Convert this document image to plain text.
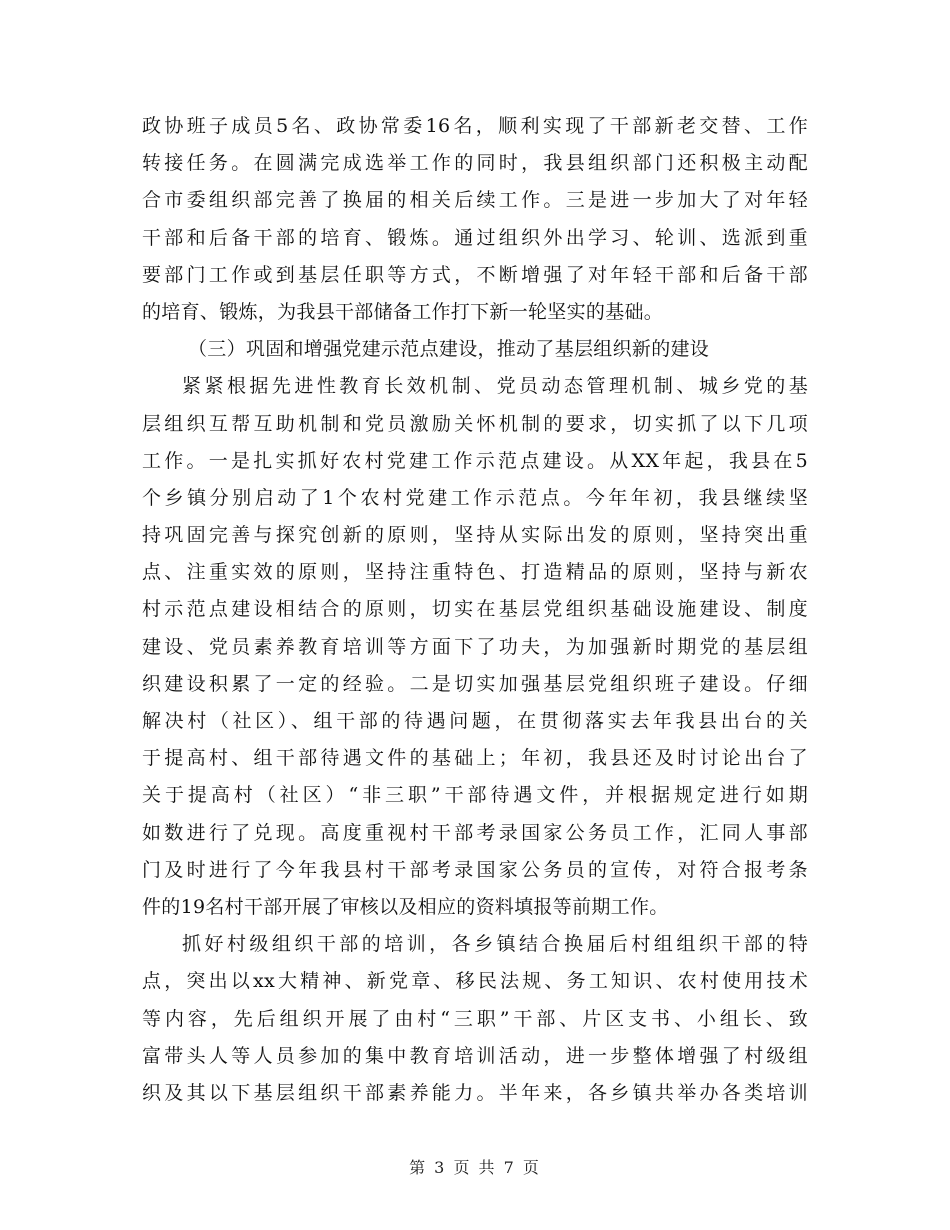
政协班子成员5名、政协常委16名，顺利实现了干部新老交替、工作
转接任务。在圆满完成选举工作的同时，我县组织部门还积极主动配
合市委组织部完善了换届的相关后续工作。三是进一步加大了对年轻
干部和后备干部的培育、锻炼。通过组织外出学习、轮训、选派到重
要部门工作或到基层任职等方式，不断增强了对年轻干部和后备干部
的培育、锻炼，为我县干部储备工作打下新一轮坚实的基础。
（三）巩固和增强党建示范点建设，推动了基层组织新的建设
紧紧根据先进性教育长效机制、党员动态管理机制、城乡党的基
层组织互帮互助机制和党员激励关怀机制的要求，切实抓了以下几项
工作。一是扎实抓好农村党建工作示范点建设。从XX年起，我县在5
个乡镇分别启动了1个农村党建工作示范点。今年年初，我县继续坚
持巩固完善与探究创新的原则，坚持从实际出发的原则，坚持突出重
点、注重实效的原则，坚持注重特色、打造精品的原则，坚持与新农
村示范点建设相结合的原则，切实在基层党组织基础设施建设、制度
建设、党员素养教育培训等方面下了功夫，为加强新时期党的基层组
织建设积累了一定的经验。二是切实加强基层党组织班子建设。仔细
解决村（社区）、组干部的待遇问题，在贯彻落实去年我县出台的关
于提高村、组干部待遇文件的基础上；年初，我县还及时讨论出台了
关于提高村（社区）“非三职”干部待遇文件，并根据规定进行如期
如数进行了兑现。高度重视村干部考录国家公务员工作，汇同人事部
门及时进行了今年我县村干部考录国家公务员的宣传，对符合报考条
件的19名村干部开展了审核以及相应的资料填报等前期工作。
抓好村级组织干部的培训，各乡镇结合换届后村组组织干部的特
点，突出以xx大精神、新党章、移民法规、务工知识、农村使用技术
等内容，先后组织开展了由村“三职”干部、片区支书、小组长、致
富带头人等人员参加的集中教育培训活动，进一步整体增强了村级组
织及其以下基层组织干部素养能力。半年来，各乡镇共举办各类培训
第 3 页 共 7 页
